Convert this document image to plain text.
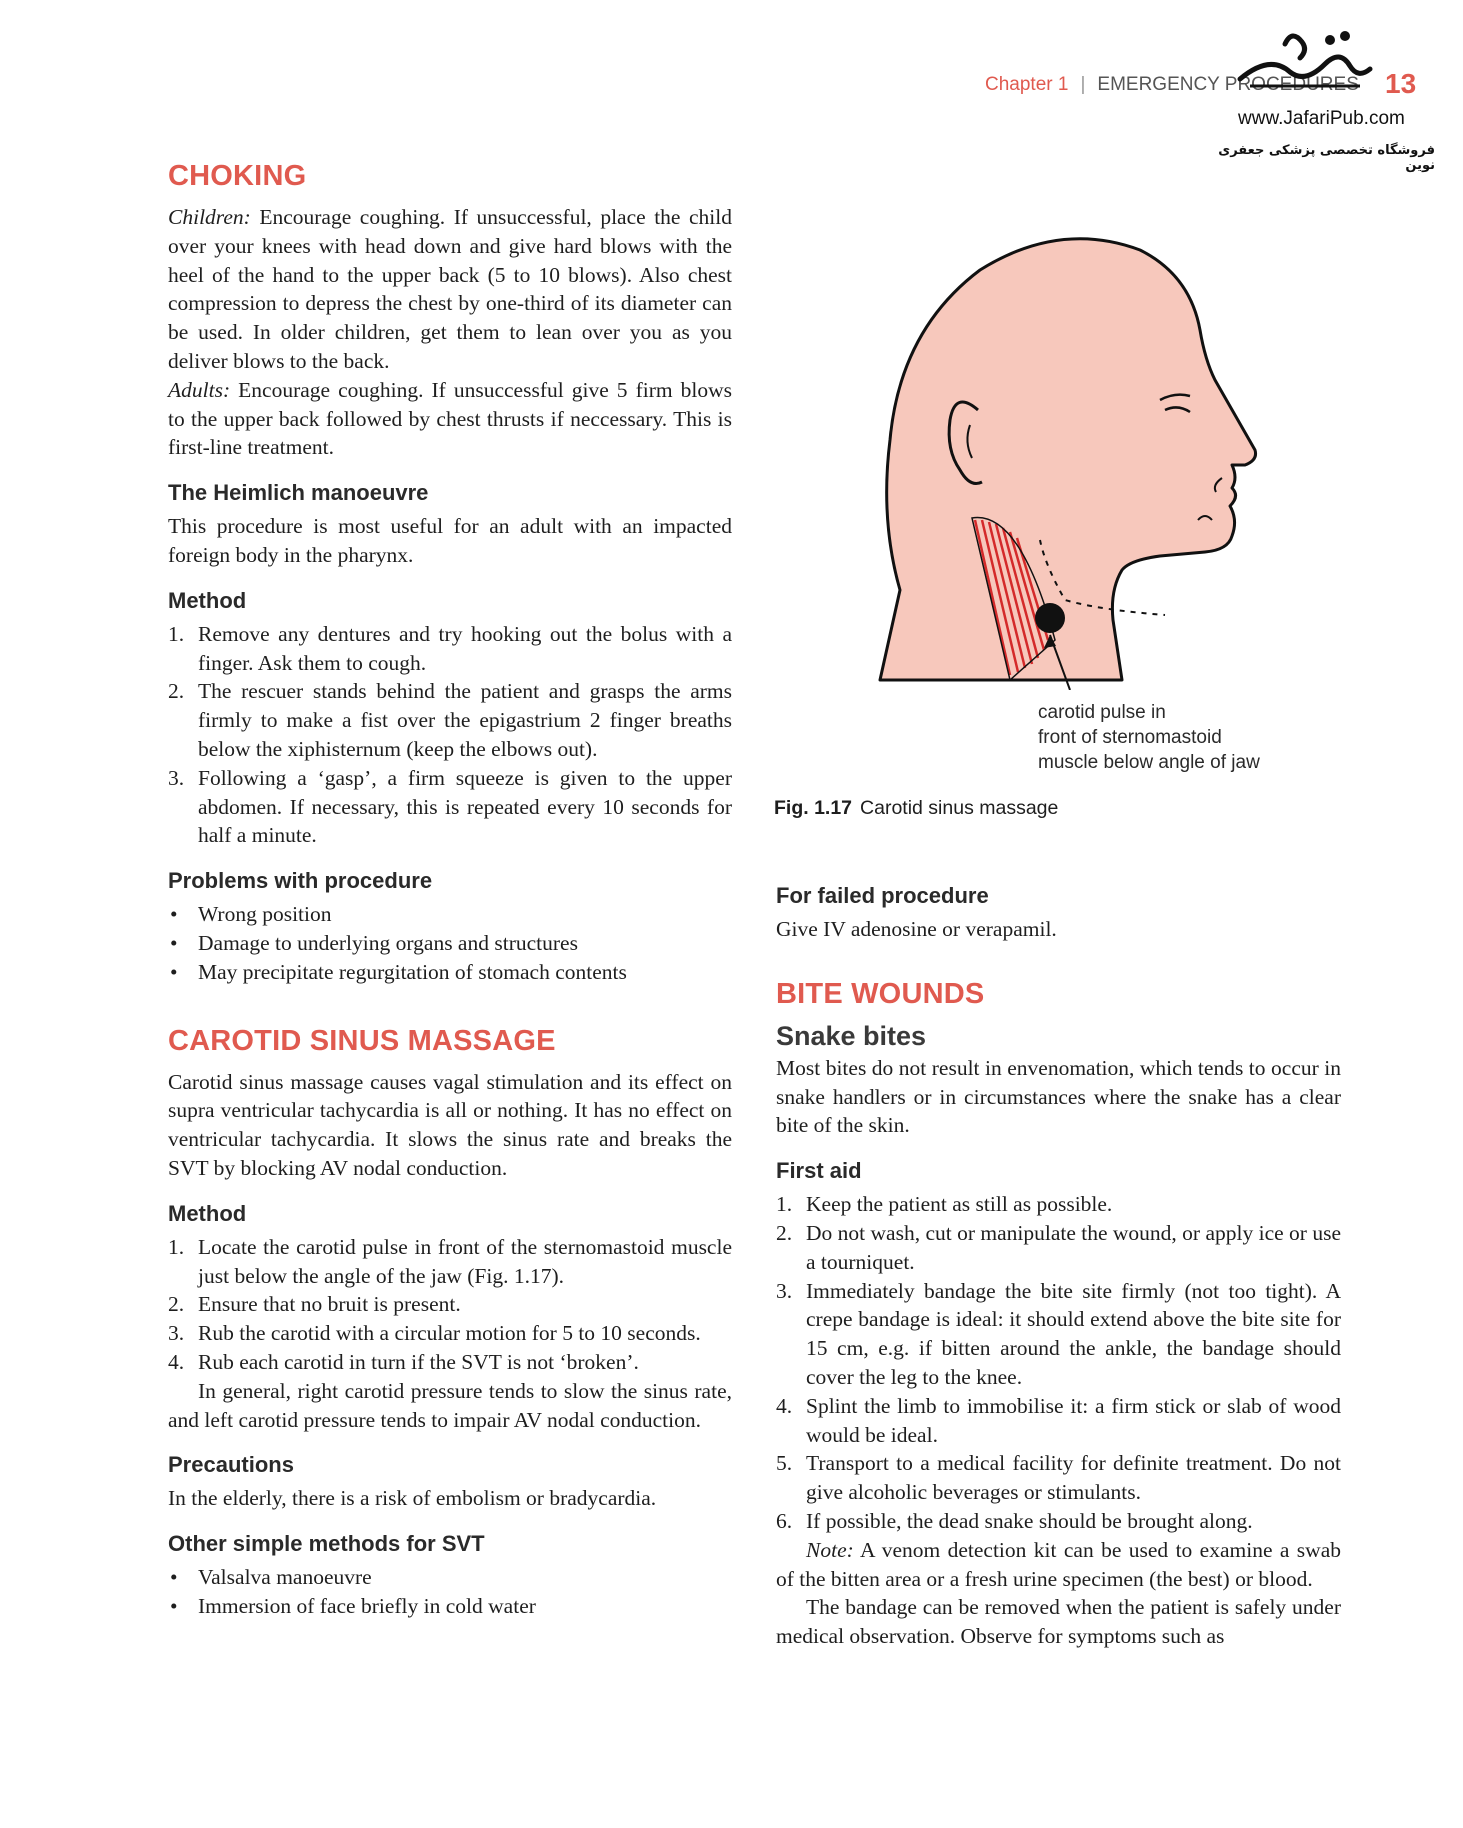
Chapter 1 | EMERGENCY PROCEDURES 13
www.JafariPub.com
فروشگاه تخصصی پزشکی جعفری نوین
CHOKING

Children: Encourage coughing. If unsuccessful, place the child over your knees with head down and give hard blows with the heel of the hand to the upper back (5 to 10 blows). Also chest compression to depress the chest by one-third of its diameter can be used. In older children, get them to lean over you as you deliver blows to the back.

Adults: Encourage coughing. If unsuccessful give 5 firm blows to the upper back followed by chest thrusts if neccessary. This is first-line treatment.

The Heimlich manoeuvre

This procedure is most useful for an adult with an impacted foreign body in the pharynx.

Method
1. Remove any dentures and try hooking out the bolus with a finger. Ask them to cough.
2. The rescuer stands behind the patient and grasps the arms firmly to make a fist over the epigastrium 2 finger breaths below the xiphisternum (keep the elbows out).
3. Following a ‘gasp’, a firm squeeze is given to the upper abdomen. If necessary, this is repeated every 10 seconds for half a minute.
Problems with procedure
• Wrong position
• Damage to underlying organs and structures
• May precipitate regurgitation of stomach contents
CAROTID SINUS MASSAGE

Carotid sinus massage causes vagal stimulation and its effect on supra ventricular tachycardia is all or nothing. It has no effect on ventricular tachycardia. It slows the sinus rate and breaks the SVT by blocking AV nodal conduction.

Method
1. Locate the carotid pulse in front of the sternomastoid muscle just below the angle of the jaw (Fig. 1.17).
2. Ensure that no bruit is present.
3. Rub the carotid with a circular motion for 5 to 10 seconds.
4. Rub each carotid in turn if the SVT is not ‘broken’.

In general, right carotid pressure tends to slow the sinus rate, and left carotid pressure tends to impair AV nodal conduction.

Precautions

In the elderly, there is a risk of embolism or bradycardia.

Other simple methods for SVT
• Valsalva manoeuvre
• Immersion of face briefly in cold water
carotid pulse in
front of sternomastoid
muscle below angle of jaw
Fig. 1.17 Carotid sinus massage
For failed procedure

Give IV adenosine or verapamil.

BITE WOUNDS
Snake bites

Most bites do not result in envenomation, which tends to occur in snake handlers or in circumstances where the snake has a clear bite of the skin.

First aid
1. Keep the patient as still as possible.
2. Do not wash, cut or manipulate the wound, or apply ice or use a tourniquet.
3. Immediately bandage the bite site firmly (not too tight). A crepe bandage is ideal: it should extend above the bite site for 15 cm, e.g. if bitten around the ankle, the bandage should cover the leg to the knee.
4. Splint the limb to immobilise it: a firm stick or slab of wood would be ideal.
5. Transport to a medical facility for definite treatment. Do not give alcoholic beverages or stimulants.
6. If possible, the dead snake should be brought along.

Note: A venom detection kit can be used to examine a swab of the bitten area or a fresh urine specimen (the best) or blood.

The bandage can be removed when the patient is safely under medical observation. Observe for symptoms such as
